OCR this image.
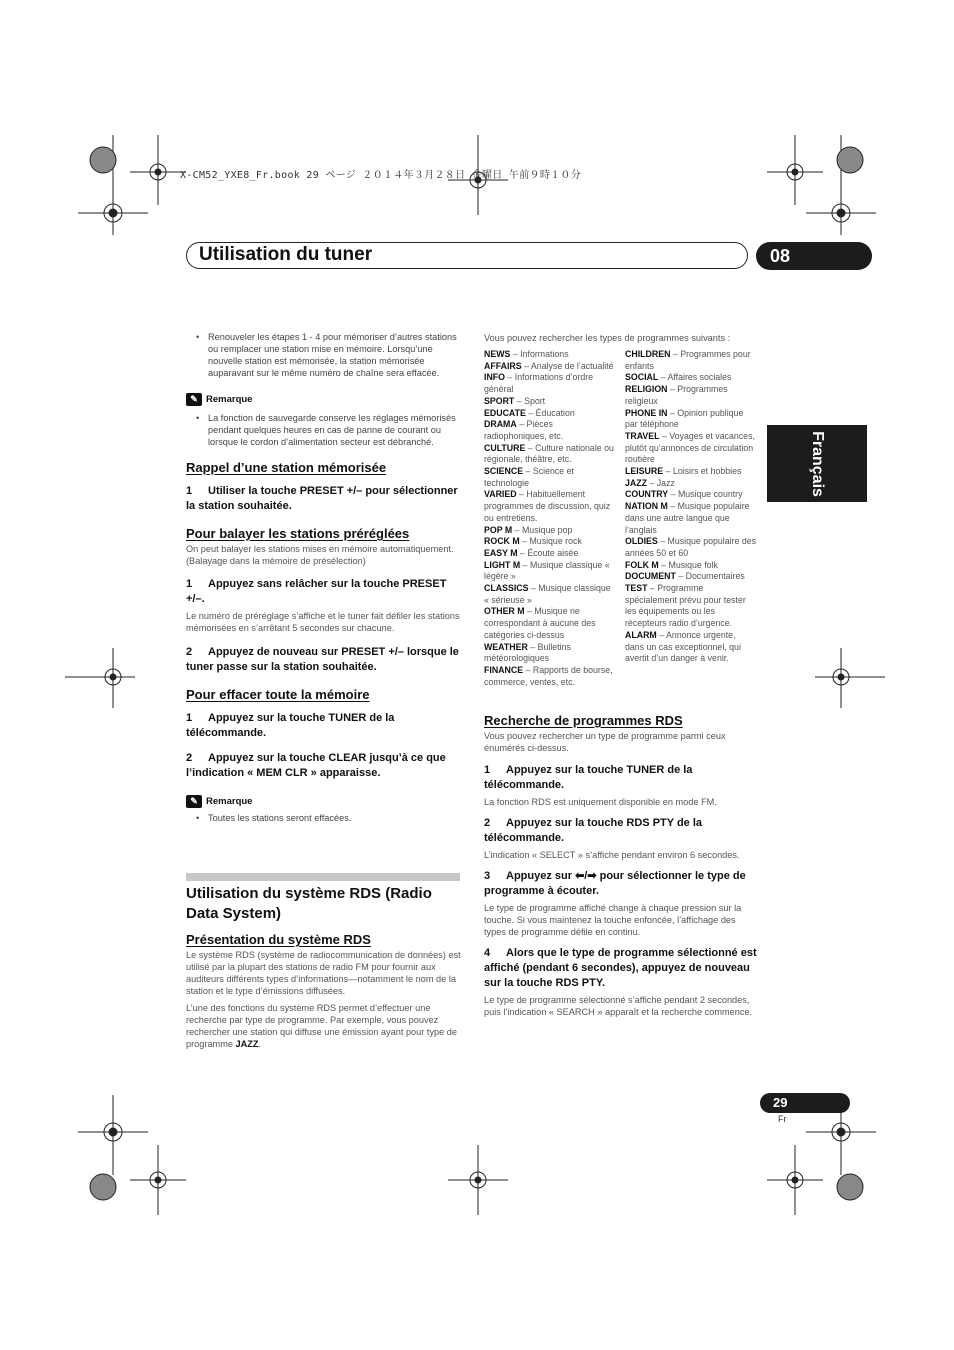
X-CM52_YXE8_Fr.book 29 ページ ２０１４年３月２８日 金曜日 午前９時１０分
Utilisation du tuner	08
Français

• Renouveler les étapes 1 - 4 pour mémoriser d’autres stations ou remplacer une station mise en mémoire. Lorsqu’une nouvelle station est mémorisée, la station mémorisée auparavant sur le même numéro de chaîne sera effacée.

✎ Remarque

• La fonction de sauvegarde conserve les réglages mémorisés pendant quelques heures en cas de panne de courant ou lorsque le cordon d’alimentation secteur est débranché.

Rappel d’une station mémorisée
1 Utiliser la touche PRESET +/– pour sélectionner la station souhaitée.
Pour balayer les stations préréglées

On peut balayer les stations mises en mémoire automatiquement. (Balayage dans la mémoire de présélection)

1 Appuyez sans relâcher sur la touche PRESET +/–.

Le numéro de préréglage s’affiche et le tuner fait défiler les stations mémorisées en s’arrêtant 5 secondes sur chacune.

2 Appuyez de nouveau sur PRESET +/– lorsque le tuner passe sur la station souhaitée.
Pour effacer toute la mémoire
1 Appuyez sur la touche TUNER de la télécommande.
2 Appuyez sur la touche CLEAR jusqu’à ce que l’indication « MEM CLR » apparaisse.
✎ Remarque

• Toutes les stations seront effacées.

Utilisation du système RDS (Radio Data System)
Présentation du système RDS

Le système RDS (système de radiocommunication de données) est utilisé par la plupart des stations de radio FM pour fournir aux auditeurs différents types d’informations—notamment le nom de la station et le type d’émissions diffusées.

L’une des fonctions du système RDS permet d’effectuer une recherche par type de programme. Par exemple, vous pouvez rechercher une station qui diffuse une émission ayant pour type de programme JAZZ.

Vous pouvez rechercher les types de programmes suivants :
NEWS – Informations
AFFAIRS – Analyse de l’actualité
INFO – Informations d’ordre général
SPORT – Sport
EDUCATE – Éducation
DRAMA – Pièces radiophoniques, etc.
CULTURE – Culture nationale ou régionale, théâtre, etc.
SCIENCE – Science et technologie
VARIED – Habituellement programmes de discussion, quiz ou entretiens.
POP M – Musique pop
ROCK M – Musique rock
EASY M – Écoute aisée
LIGHT M – Musique classique « légère »
CLASSICS – Musique classique « sérieuse »
OTHER M – Musique ne correspondant à aucune des catégories ci-dessus
WEATHER – Bulletins météorologiques
FINANCE – Rapports de bourse, commerce, ventes, etc.
CHILDREN – Programmes pour enfants
SOCIAL – Affaires sociales
RELIGION – Programmes religieux
PHONE IN – Opinion publique par téléphone
TRAVEL – Voyages et vacances, plutôt qu’annonces de circulation routière
LEISURE – Loisirs et hobbies
JAZZ – Jazz
COUNTRY – Musique country
NATION M – Musique populaire dans une autre langue que l’anglais
OLDIES – Musique populaire des années 50 et 60
FOLK M – Musique folk
DOCUMENT – Documentaires
TEST – Programme spécialement prévu pour tester les équipements ou les récepteurs radio d’urgence.
ALARM – Annonce urgente, dans un cas exceptionnel, qui avertit d’un danger à venir.
Recherche de programmes RDS

Vous pouvez rechercher un type de programme parmi ceux énumérés ci-dessus.

1 Appuyez sur la touche TUNER de la télécommande.

La fonction RDS est uniquement disponible en mode FM.

2 Appuyez sur la touche RDS PTY de la télécommande.

L’indication « SELECT » s’affiche pendant environ 6 secondes.

3 Appuyez sur ⬅/➡ pour sélectionner le type de programme à écouter.

Le type de programme affiché change à chaque pression sur la touche. Si vous maintenez la touche enfoncée, l’affichage des types de programme défile en continu.

4 Alors que le type de programme sélectionné est affiché (pendant 6 secondes), appuyez de nouveau sur la touche RDS PTY.

Le type de programme sélectionné s’affiche pendant 2 secondes, puis l’indication « SEARCH » apparaît et la recherche commence.

29
Fr
